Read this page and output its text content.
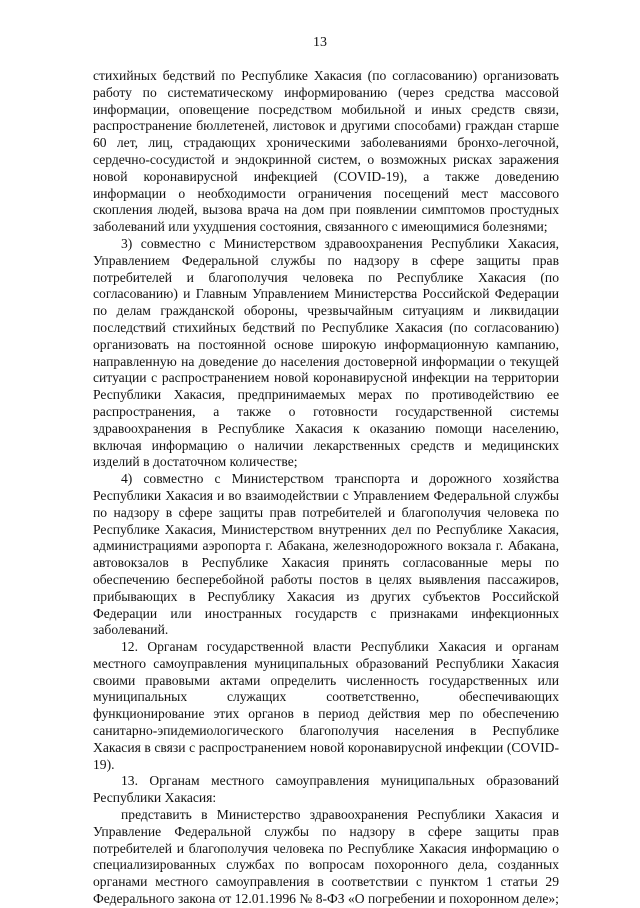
13

стихийных бедствий по Республике Хакасия (по согласованию) организовать работу по систематическому информированию (через средства массовой информации, оповещение посредством мобильной и иных средств связи, распространение бюллетеней, листовок и другими способами) граждан старше 60 лет, лиц, страдающих хроническими заболеваниями бронхо-легочной, сердечно-сосудистой и эндокринной систем, о возможных рисках заражения новой коронавирусной инфекцией (COVID-19), а также доведению информации о необходимости ограничения посещений мест массового скопления людей, вызова врача на дом при появлении симптомов простудных заболеваний или ухудшения состояния, связанного с имеющимися болезнями;

3) совместно с Министерством здравоохранения Республики Хакасия, Управлением Федеральной службы по надзору в сфере защиты прав потребителей и благополучия человека по Республике Хакасия (по согласованию) и Главным Управлением Министерства Российской Федерации по делам гражданской обороны, чрезвычайным ситуациям и ликвидации последствий стихийных бедствий по Республике Хакасия (по согласованию) организовать на постоянной основе широкую информационную кампанию, направленную на доведение до населения достоверной информации о текущей ситуации с распространением новой коронавирусной инфекции на территории Республики Хакасия, предпринимаемых мерах по противодействию ее распространения, а также о готовности государственной системы здравоохранения в Республике Хакасия к оказанию помощи населению, включая информацию о наличии лекарственных средств и медицинских изделий в достаточном количестве;

4) совместно с Министерством транспорта и дорожного хозяйства Республики Хакасия и во взаимодействии с Управлением Федеральной службы по надзору в сфере защиты прав потребителей и благополучия человека по Республике Хакасия, Министерством внутренних дел по Республике Хакасия, администрациями аэропорта г. Абакана, железнодорожного вокзала г. Абакана, автовокзалов в Республике Хакасия принять согласованные меры по обеспечению бесперебойной работы постов в целях выявления пассажиров, прибывающих в Республику Хакасия из других субъектов Российской Федерации или иностранных государств с признаками инфекционных заболеваний.

12. Органам государственной власти Республики Хакасия и органам местного самоуправления муниципальных образований Республики Хакасия своими правовыми актами определить численность государственных или муниципальных служащих соответственно, обеспечивающих функционирование этих органов в период действия мер по обеспечению санитарно-эпидемиологического благополучия населения в Республике Хакасия в связи с распространением новой коронавирусной инфекции (COVID-19).

13. Органам местного самоуправления муниципальных образований Республики Хакасия:

представить в Министерство здравоохранения Республики Хакасия и Управление Федеральной службы по надзору в сфере защиты прав потребителей и благополучия человека по Республике Хакасия информацию о специализированных службах по вопросам похоронного дела, созданных органами местного самоуправления в соответствии с пунктом 1 статьи 29 Федерального закона от 12.01.1996 № 8-ФЗ «О погребении и похоронном деле»;
